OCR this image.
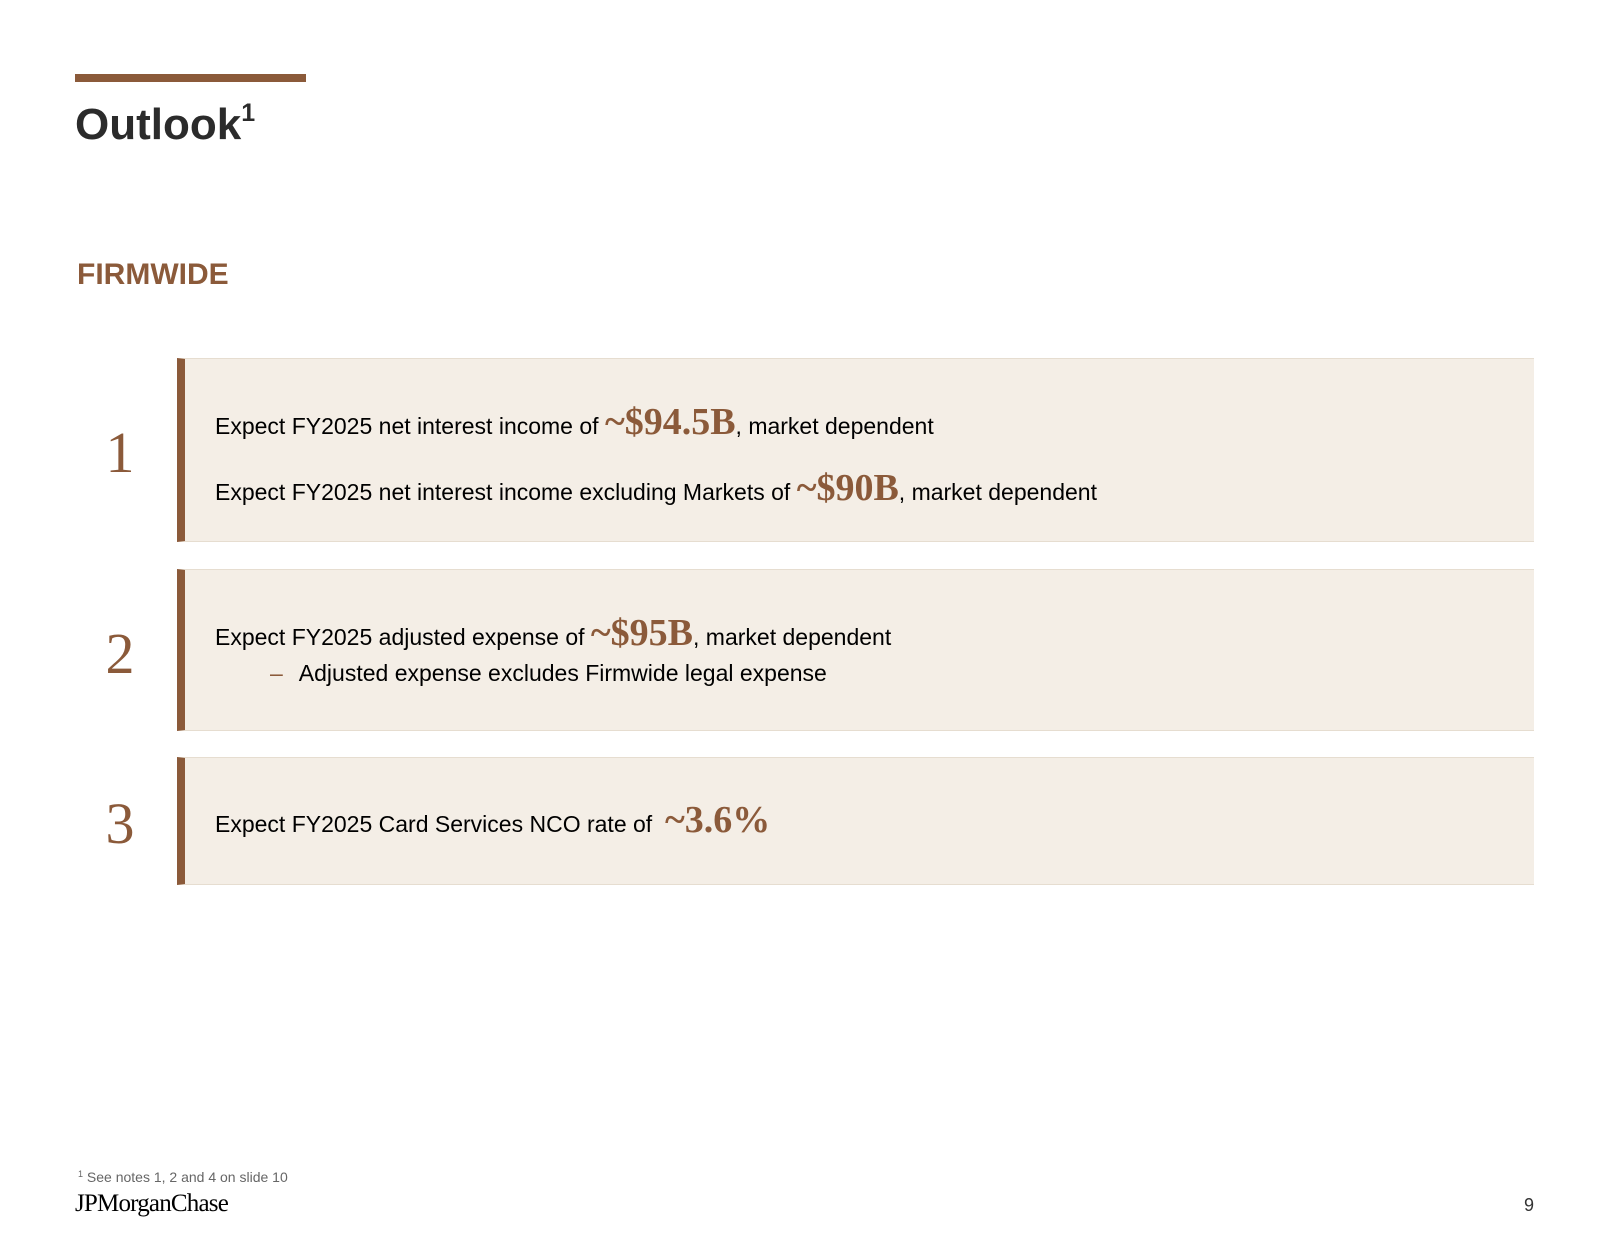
Outlook$^1$
FIRMWIDE
1	Expect FY2025 net interest income of ~$94.5B, market dependent
Expect FY2025 net interest income excluding Markets of ~$90B, market dependent
2	Expect FY2025 adjusted expense of ~$95B, market dependent
– Adjusted expense excludes Firmwide legal expense
3	Expect FY2025 Card Services NCO rate of  ~3.6%
$^1$ See notes 1, 2 and 4 on slide 10
JPMorganChase	9
